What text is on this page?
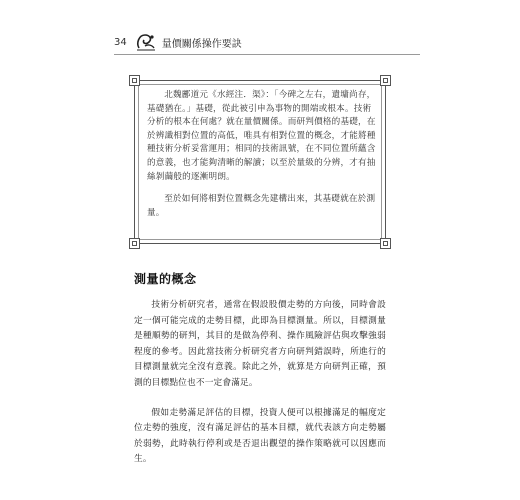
34	量價關係操作要訣

北魏酈道元《水經注．渠》：「今碑之左右，遺墉尚存，基礎猶在。」基礎，從此被引申為事物的開端或根本。技術分析的根本在何處？就在量價關係。而研判價格的基礎，在於辨識相對位置的高低，唯具有相對位置的概念，才能將種種技術分析妥當運用；相同的技術訊號，在不同位置所蘊含的意義，也才能夠清晰的解讀；以至於量級的分辨，才有抽絲剝繭般的逐漸明朗。

至於如何將相對位置概念先建構出來，其基礎就在於測量。

測量的概念

技術分析研究者，通常在假設股價走勢的方向後，同時會設定一個可能完成的走勢目標，此即為目標測量。所以，目標測量是種順勢的研判，其目的是做為停利、操作風險評估與攻擊強弱程度的參考。因此當技術分析研究者方向研判錯誤時，所進行的目標測量就完全沒有意義。除此之外，就算是方向研判正確，預測的目標點位也不一定會滿足。

假如走勢滿足評估的目標，投資人便可以根據滿足的幅度定位走勢的強度，沒有滿足評估的基本目標，就代表該方向走勢屬於弱勢，此時執行停利或是否退出觀望的操作策略就可以因應而生。
